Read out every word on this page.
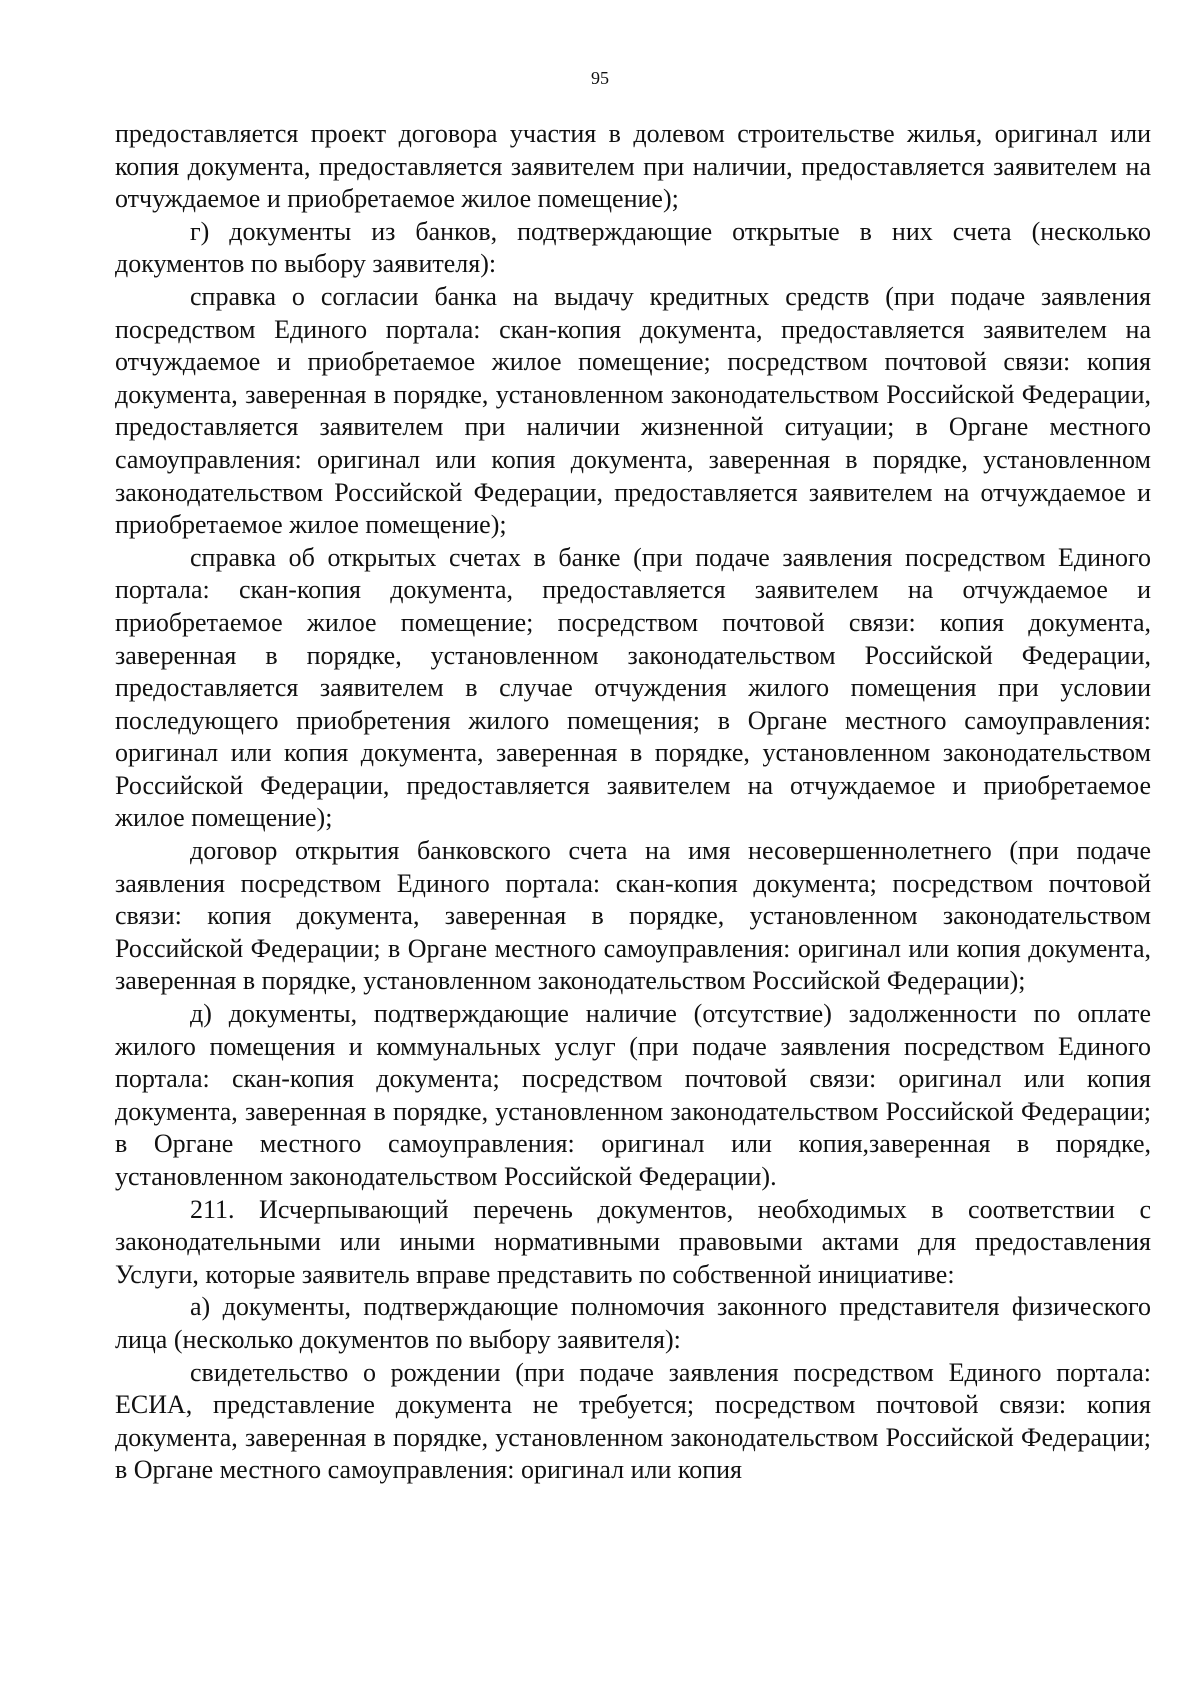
95

предоставляется проект договора участия в долевом строительстве жилья, оригинал или копия документа, предоставляется заявителем при наличии, предоставляется заявителем на отчуждаемое и приобретаемое жилое помещение);

г) документы из банков, подтверждающие открытые в них счета (несколько документов по выбору заявителя):

справка о согласии банка на выдачу кредитных средств (при подаче заявления посредством Единого портала: скан-копия документа, предоставляется заявителем на отчуждаемое и приобретаемое жилое помещение; посредством почтовой связи: копия документа, заверенная в порядке, установленном законодательством Российской Федерации, предоставляется заявителем при наличии жизненной ситуации; в Органе местного самоуправления: оригинал или копия документа, заверенная в порядке, установленном законодательством Российской Федерации, предоставляется заявителем на отчуждаемое и приобретаемое жилое помещение);

справка об открытых счетах в банке (при подаче заявления посредством Единого портала: скан-копия документа, предоставляется заявителем на отчуждаемое и приобретаемое жилое помещение; посредством почтовой связи: копия документа, заверенная в порядке, установленном законодательством Российской Федерации, предоставляется заявителем в случае отчуждения жилого помещения при условии последующего приобретения жилого помещения; в Органе местного самоуправления: оригинал или копия документа, заверенная в порядке, установленном законодательством Российской Федерации, предоставляется заявителем на отчуждаемое и приобретаемое жилое помещение);

договор открытия банковского счета на имя несовершеннолетнего (при подаче заявления посредством Единого портала: скан-копия документа; посредством почтовой связи: копия документа, заверенная в порядке, установленном законодательством Российской Федерации; в Органе местного самоуправления: оригинал или копия документа, заверенная в порядке, установленном законодательством Российской Федерации);

д) документы, подтверждающие наличие (отсутствие) задолженности по оплате жилого помещения и коммунальных услуг (при подаче заявления посредством Единого портала: скан-копия документа; посредством почтовой связи: оригинал или копия документа, заверенная в порядке, установленном законодательством Российской Федерации; в Органе местного самоуправления: оригинал или копия,заверенная в порядке, установленном законодательством Российской Федерации).

211. Исчерпывающий перечень документов, необходимых в соответствии с законодательными или иными нормативными правовыми актами для предоставления Услуги, которые заявитель вправе представить по собственной инициативе:

а) документы, подтверждающие полномочия законного представителя физического лица (несколько документов по выбору заявителя):

свидетельство о рождении (при подаче заявления посредством Единого портала: ЕСИА, представление документа не требуется; посредством почтовой связи: копия документа, заверенная в порядке, установленном законодательством Российской Федерации; в Органе местного самоуправления: оригинал или копия
